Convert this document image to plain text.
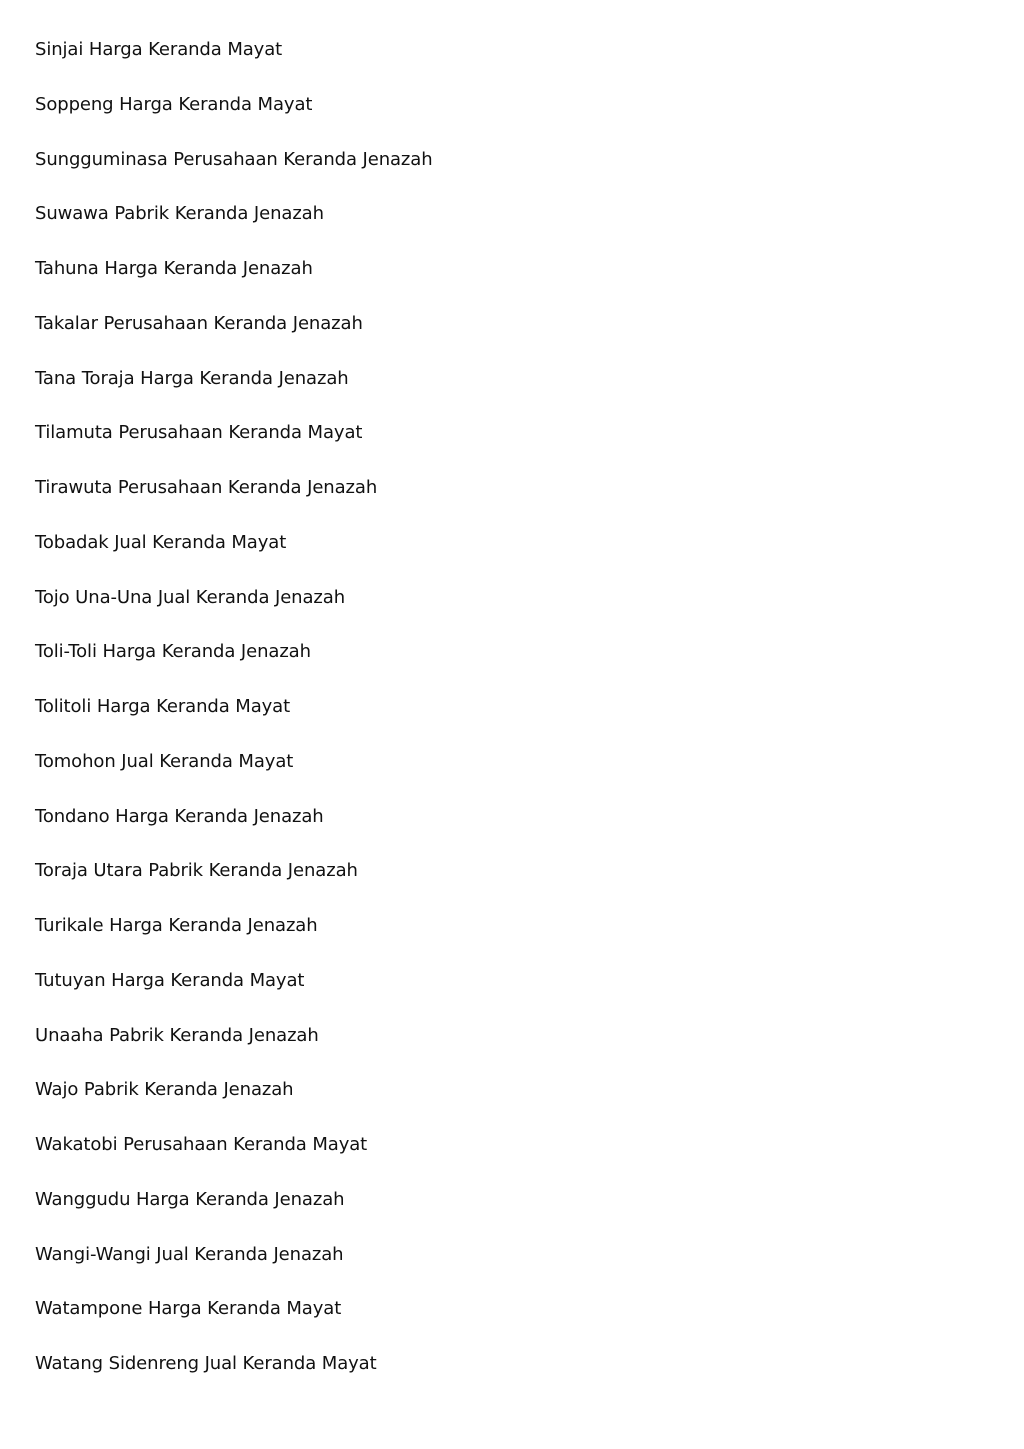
Sinjai Harga Keranda Mayat
Soppeng Harga Keranda Mayat
Sungguminasa Perusahaan Keranda Jenazah
Suwawa Pabrik Keranda Jenazah
Tahuna Harga Keranda Jenazah
Takalar Perusahaan Keranda Jenazah
Tana Toraja Harga Keranda Jenazah
Tilamuta Perusahaan Keranda Mayat
Tirawuta Perusahaan Keranda Jenazah
Tobadak Jual Keranda Mayat
Tojo Una-Una Jual Keranda Jenazah
Toli-Toli Harga Keranda Jenazah
Tolitoli Harga Keranda Mayat
Tomohon Jual Keranda Mayat
Tondano Harga Keranda Jenazah
Toraja Utara Pabrik Keranda Jenazah
Turikale Harga Keranda Jenazah
Tutuyan Harga Keranda Mayat
Unaaha Pabrik Keranda Jenazah
Wajo Pabrik Keranda Jenazah
Wakatobi Perusahaan Keranda Mayat
Wanggudu Harga Keranda Jenazah
Wangi-Wangi Jual Keranda Jenazah
Watampone Harga Keranda Mayat
Watang Sidenreng Jual Keranda Mayat
